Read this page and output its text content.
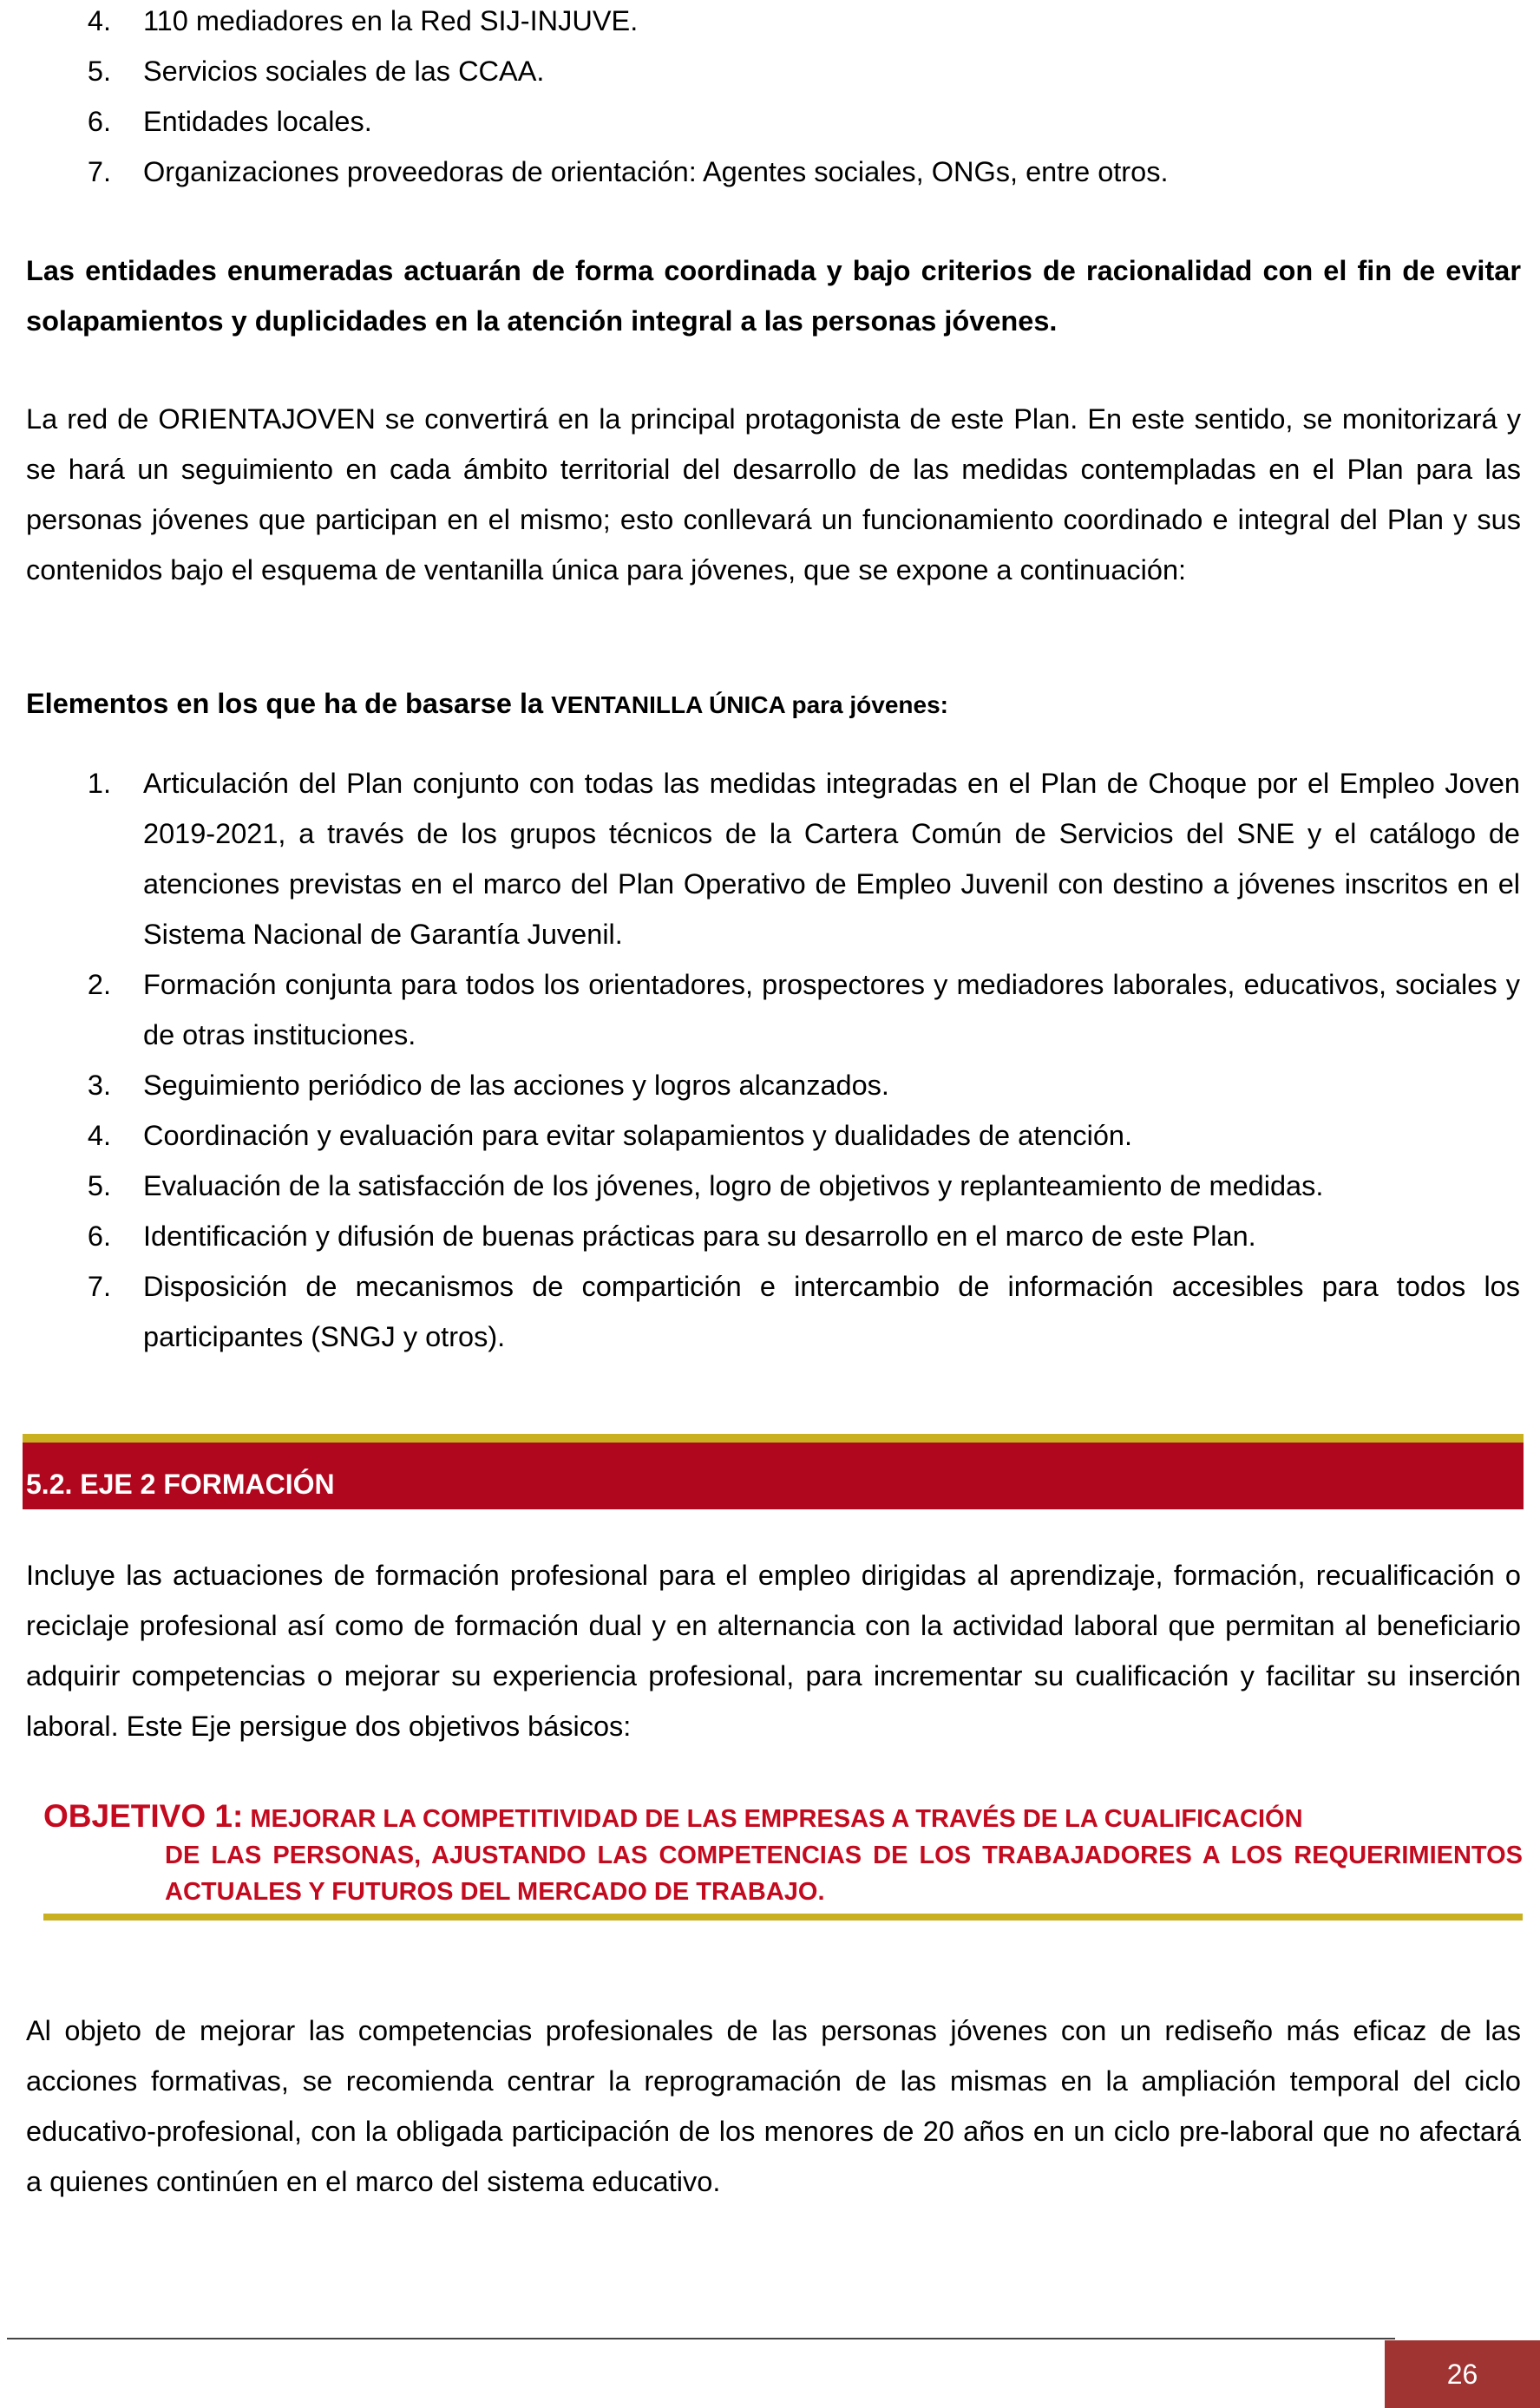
4.	110 mediadores en la Red SIJ-INJUVE.
5.	Servicios sociales de las CCAA.
6.	Entidades locales.
7.	Organizaciones proveedoras de orientación: Agentes sociales, ONGs, entre otros.

Las entidades enumeradas actuarán de forma coordinada y bajo criterios de racionalidad con el fin de evitar solapamientos y duplicidades en la atención integral a las personas jóvenes.

La red de ORIENTAJOVEN se convertirá en la principal protagonista de este Plan. En este sentido, se monitorizará y se hará un seguimiento en cada ámbito territorial del desarrollo de las medidas contempladas en el Plan para las personas jóvenes que participan en el mismo; esto conllevará un funcionamiento coordinado e integral del Plan y sus contenidos bajo el esquema de ventanilla única para jóvenes, que se expone a continuación:

Elementos en los que ha de basarse la VENTANILLA ÚNICA para jóvenes:

1.	Articulación del Plan conjunto con todas las medidas integradas en el Plan de Choque por el Empleo Joven 2019-2021, a través de los grupos técnicos de la Cartera Común de Servicios del SNE y el catálogo de atenciones previstas en el marco del Plan Operativo de Empleo Juvenil con destino a jóvenes inscritos en el Sistema Nacional de Garantía Juvenil.
2.	Formación conjunta para todos los orientadores, prospectores y mediadores laborales, educativos, sociales y de otras instituciones.
3.	Seguimiento periódico de las acciones y logros alcanzados.
4.	Coordinación y evaluación para evitar solapamientos y dualidades de atención.
5.	Evaluación de la satisfacción de los jóvenes, logro de objetivos y replanteamiento de medidas.
6.	Identificación y difusión de buenas prácticas para su desarrollo en el marco de este Plan.
7.	Disposición de mecanismos de compartición e intercambio de información accesibles para todos los participantes (SNGJ y otros).
5.2. EJE 2 FORMACIÓN

Incluye las actuaciones de formación profesional para el empleo dirigidas al aprendizaje, formación, recualificación o reciclaje profesional así como de formación dual y en alternancia con la actividad laboral que permitan al beneficiario adquirir competencias o mejorar su experiencia profesional, para incrementar su cualificación y facilitar su inserción laboral. Este Eje persigue dos objetivos básicos:

OBJETIVO 1: MEJORAR LA COMPETITIVIDAD DE LAS EMPRESAS A TRAVÉS DE LA CUALIFICACIÓN

DE LAS PERSONAS, AJUSTANDO LAS COMPETENCIAS DE LOS TRABAJADORES A LOS REQUERIMIENTOS ACTUALES Y FUTUROS DEL MERCADO DE TRABAJO.

Al objeto de mejorar las competencias profesionales de las personas jóvenes con un rediseño más eficaz de las acciones formativas, se recomienda centrar la reprogramación de las mismas en la ampliación temporal del ciclo educativo-profesional, con la obligada participación de los menores de 20 años en un ciclo pre-laboral que no afectará a quienes continúen en el marco del sistema educativo.

26
